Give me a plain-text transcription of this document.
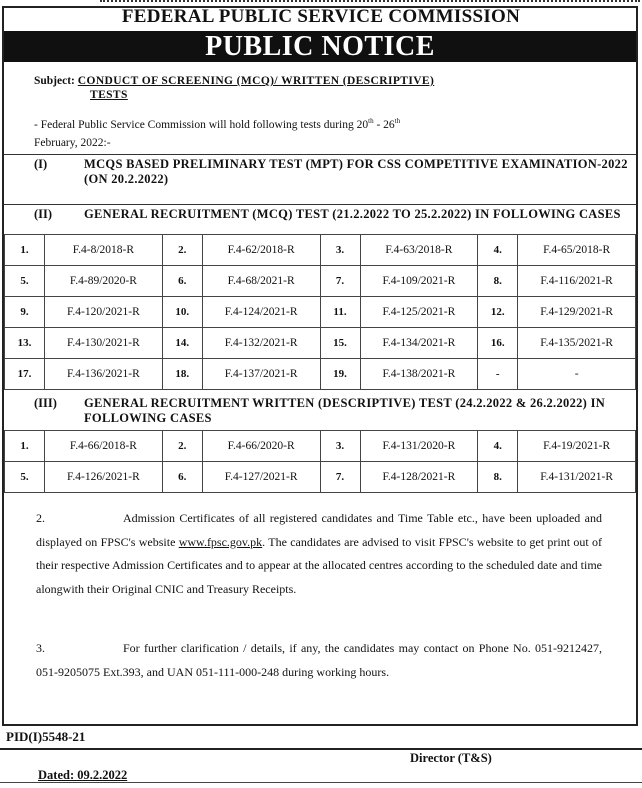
FEDERAL PUBLIC SERVICE COMMISSION
PUBLIC NOTICE
Subject: CONDUCT OF SCREENING (MCQ)/ WRITTEN (DESCRIPTIVE)
TESTS
- Federal Public Service Commission will hold following tests during 20th - 26th
February, 2022:-
(I)	MCQS BASED PRELIMINARY TEST (MPT) FOR CSS COMPETITIVE EXAMINATION-2022 (ON 20.2.2022)
(II)	GENERAL RECRUITMENT (MCQ) TEST (21.2.2022 TO 25.2.2022) IN FOLLOWING CASES
1.	F.4-8/2018-R	2.	F.4-62/2018-R	3.	F.4-63/2018-R	4.	F.4-65/2018-R
5.	F.4-89/2020-R	6.	F.4-68/2021-R	7.	F.4-109/2021-R	8.	F.4-116/2021-R
9.	F.4-120/2021-R	10.	F.4-124/2021-R	11.	F.4-125/2021-R	12.	F.4-129/2021-R
13.	F.4-130/2021-R	14.	F.4-132/2021-R	15.	F.4-134/2021-R	16.	F.4-135/2021-R
17.	F.4-136/2021-R	18.	F.4-137/2021-R	19.	F.4-138/2021-R	-	-
(III) GENERAL RECRUITMENT WRITTEN (DESCRIPTIVE) TEST (24.2.2022 & 26.2.2022) IN FOLLOWING CASES
1.	F.4-66/2018-R	2.	F.4-66/2020-R	3.	F.4-131/2020-R	4.	F.4-19/2021-R
5.	F.4-126/2021-R	6.	F.4-127/2021-R	7.	F.4-128/2021-R	8.	F.4-131/2021-R
2.	Admission Certificates of all registered candidates and Time Table etc., have been uploaded and displayed on FPSC's website www.fpsc.gov.pk. The candidates are advised to visit FPSC's website to get print out of their respective Admission Certificates and to appear at the allocated centres according to the scheduled date and time alongwith their Original CNIC and Treasury Receipts.
3.	For further clarification / details, if any, the candidates may contact on Phone No. 051-9212427, 051-9205075 Ext.393, and UAN 051-111-000-248 during working hours.
PID(I)5548-21
Director (T&S)
Dated: 09.2.2022
